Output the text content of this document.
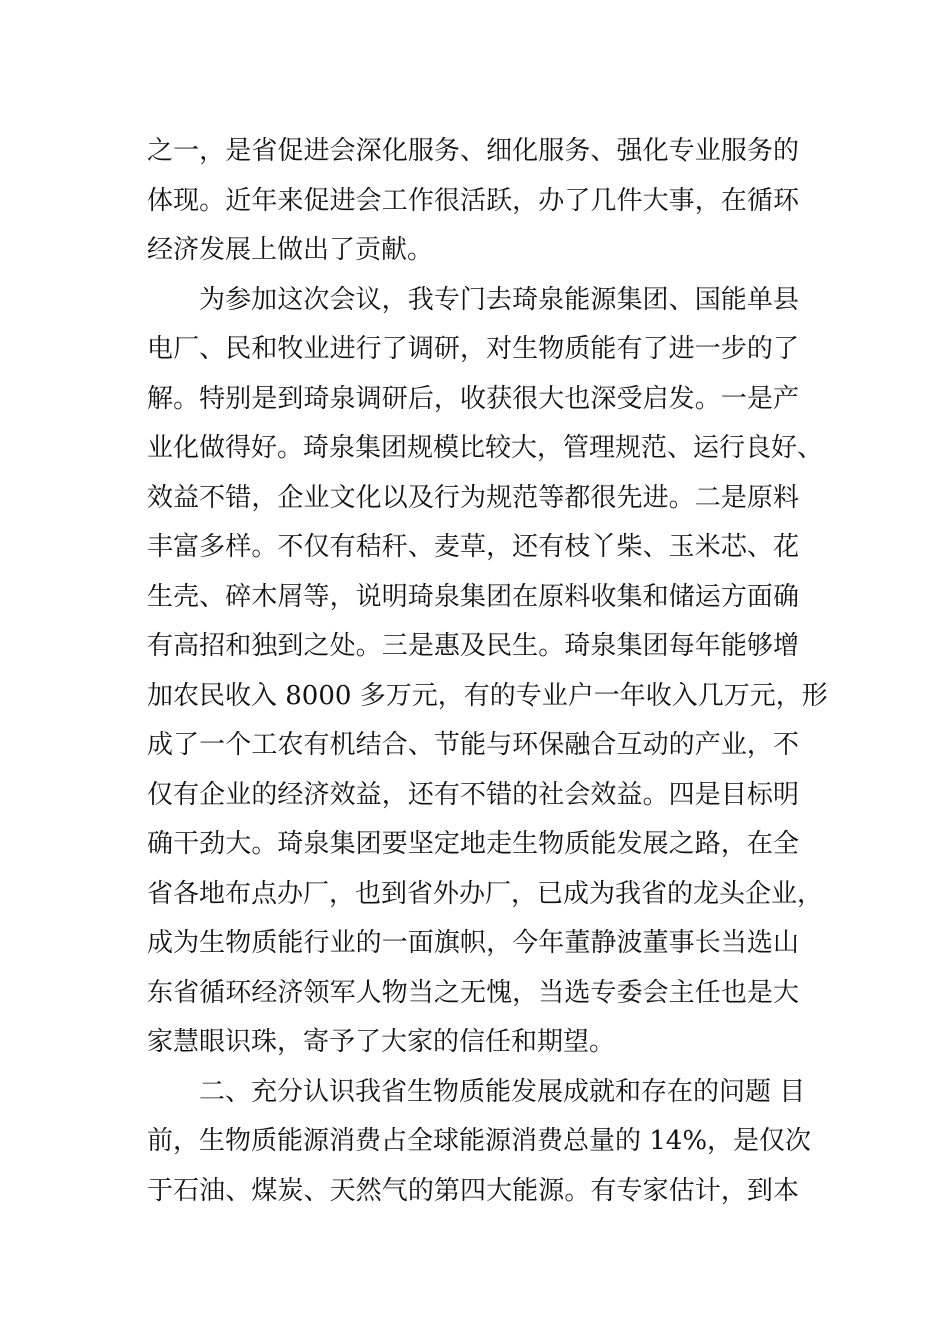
之一，是省促进会深化服务、细化服务、强化专业服务的
体现。近年来促进会工作很活跃，办了几件大事，在循环
经济发展上做出了贡献。
为参加这次会议，我专门去琦泉能源集团、国能单县
电厂、民和牧业进行了调研，对生物质能有了进一步的了
解。特别是到琦泉调研后，收获很大也深受启发。一是产
业化做得好。琦泉集团规模比较大，管理规范、运行良好、
效益不错，企业文化以及行为规范等都很先进。二是原料
丰富多样。不仅有秸秆、麦草，还有枝丫柴、玉米芯、花
生壳、碎木屑等，说明琦泉集团在原料收集和储运方面确
有高招和独到之处。三是惠及民生。琦泉集团每年能够增
加农民收入 8000 多万元，有的专业户一年收入几万元，形
成了一个工农有机结合、节能与环保融合互动的产业，不
仅有企业的经济效益，还有不错的社会效益。四是目标明
确干劲大。琦泉集团要坚定地走生物质能发展之路，在全
省各地布点办厂，也到省外办厂，已成为我省的龙头企业，
成为生物质能行业的一面旗帜，今年董静波董事长当选山
东省循环经济领军人物当之无愧，当选专委会主任也是大
家慧眼识珠，寄予了大家的信任和期望。
二、充分认识我省生物质能发展成就和存在的问题 目
前，生物质能源消费占全球能源消费总量的 14%，是仅次
于石油、煤炭、天然气的第四大能源。有专家估计，到本
